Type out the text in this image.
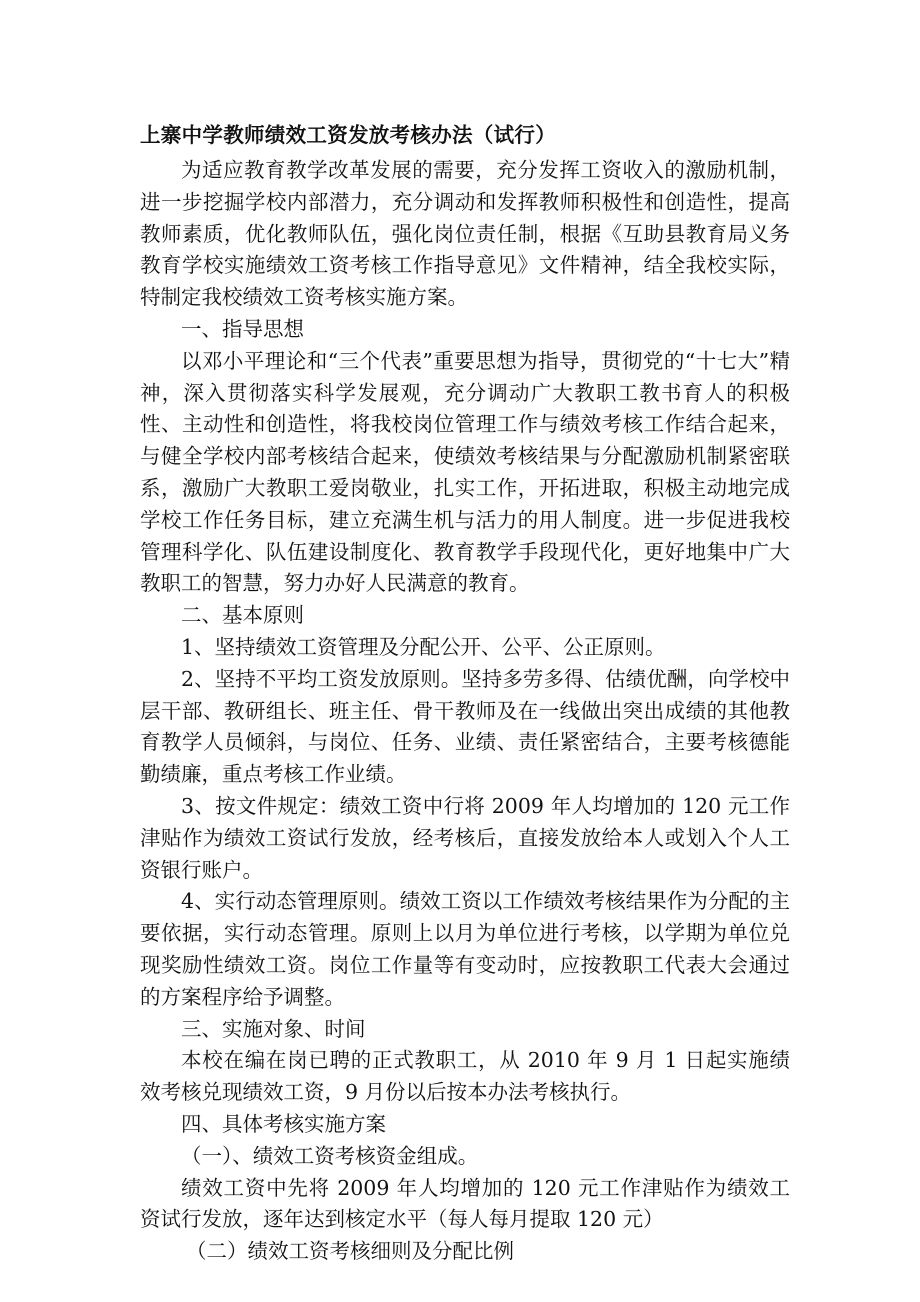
上寨中学教师绩效工资发放考核办法（试行）

为适应教育教学改革发展的需要，充分发挥工资收入的激励机制，进一步挖掘学校内部潜力，充分调动和发挥教师积极性和创造性，提高教师素质，优化教师队伍，强化岗位责任制，根据《互助县教育局义务教育学校实施绩效工资考核工作指导意见》文件精神，结全我校实际，特制定我校绩效工资考核实施方案。

一、指导思想

以邓小平理论和“三个代表”重要思想为指导，贯彻党的“十七大”精神，深入贯彻落实科学发展观，充分调动广大教职工教书育人的积极性、主动性和创造性，将我校岗位管理工作与绩效考核工作结合起来，与健全学校内部考核结合起来，使绩效考核结果与分配激励机制紧密联系，激励广大教职工爱岗敬业，扎实工作，开拓进取，积极主动地完成学校工作任务目标，建立充满生机与活力的用人制度。进一步促进我校管理科学化、队伍建设制度化、教育教学手段现代化，更好地集中广大教职工的智慧，努力办好人民满意的教育。

二、基本原则

1、坚持绩效工资管理及分配公开、公平、公正原则。

2、坚持不平均工资发放原则。坚持多劳多得、估绩优酬，向学校中层干部、教研组长、班主任、骨干教师及在一线做出突出成绩的其他教育教学人员倾斜，与岗位、任务、业绩、责任紧密结合，主要考核德能勤绩廉，重点考核工作业绩。

3、按文件规定：绩效工资中行将 2009 年人均增加的 120 元工作津贴作为绩效工资试行发放，经考核后，直接发放给本人或划入个人工资银行账户。

4、实行动态管理原则。绩效工资以工作绩效考核结果作为分配的主要依据，实行动态管理。原则上以月为单位进行考核，以学期为单位兑现奖励性绩效工资。岗位工作量等有变动时，应按教职工代表大会通过的方案程序给予调整。

三、实施对象、时间

本校在编在岗已聘的正式教职工，从 2010 年 9 月 1 日起实施绩效考核兑现绩效工资，9 月份以后按本办法考核执行。

四、具体考核实施方案

（一）、绩效工资考核资金组成。

绩效工资中先将 2009 年人均增加的 120 元工作津贴作为绩效工资试行发放，逐年达到核定水平（每人每月提取 120 元）

（二）绩效工资考核细则及分配比例
